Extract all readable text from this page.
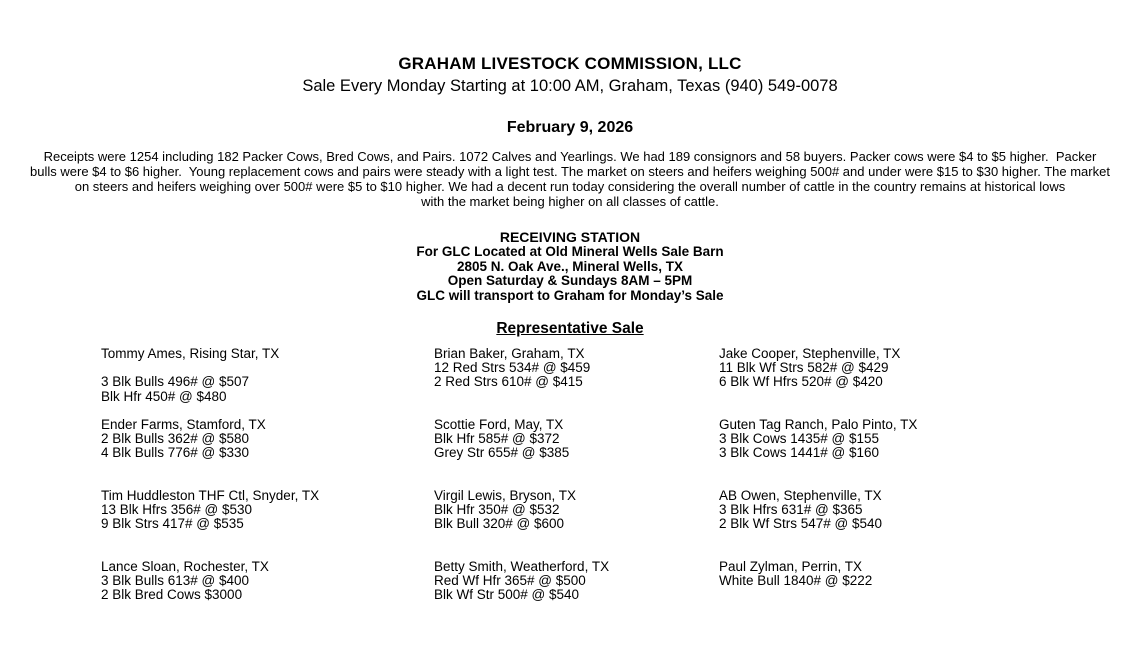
GRAHAM LIVESTOCK COMMISSION, LLC
Sale Every Monday Starting at 10:00 AM, Graham, Texas (940) 549-0078
February 9, 2026
Receipts were 1254 including 182 Packer Cows, Bred Cows, and Pairs. 1072 Calves and Yearlings. We had 189 consignors and 58 buyers. Packer cows were $4 to $5 higher.  Packer
bulls were $4 to $6 higher.  Young replacement cows and pairs were steady with a light test. The market on steers and heifers weighing 500# and under were $15 to $30 higher. The market
on steers and heifers weighing over 500# were $5 to $10 higher. We had a decent run today considering the overall number of cattle in the country remains at historical lows
with the market being higher on all classes of cattle.
RECEIVING STATION
For GLC Located at Old Mineral Wells Sale Barn
2805 N. Oak Ave., Mineral Wells, TX
Open Saturday & Sundays 8AM – 5PM
GLC will transport to Graham for Monday’s Sale
Representative Sale
Tommy Ames, Rising Star, TX
3 Blk Bulls 496# @ $507
Blk Hfr 450# @ $480
Ender Farms, Stamford, TX
2 Blk Bulls 362# @ $580
4 Blk Bulls 776# @ $330
Tim Huddleston THF Ctl, Snyder, TX
13 Blk Hfrs 356# @ $530
9 Blk Strs 417# @ $535
Lance Sloan, Rochester, TX
3 Blk Bulls 613# @ $400
2 Blk Bred Cows $3000
Brian Baker, Graham, TX
12 Red Strs 534# @ $459
2 Red Strs 610# @ $415
Scottie Ford, May, TX
Blk Hfr 585# @ $372
Grey Str 655# @ $385
Virgil Lewis, Bryson, TX
Blk Hfr 350# @ $532
Blk Bull 320# @ $600
Betty Smith, Weatherford, TX
Red Wf Hfr 365# @ $500
Blk Wf Str 500# @ $540
Jake Cooper, Stephenville, TX
11 Blk Wf Strs 582# @ $429
6 Blk Wf Hfrs 520# @ $420
Guten Tag Ranch, Palo Pinto, TX
3 Blk Cows 1435# @ $155
3 Blk Cows 1441# @ $160
AB Owen, Stephenville, TX
3 Blk Hfrs 631# @ $365
2 Blk Wf Strs 547# @ $540
Paul Zylman, Perrin, TX
White Bull 1840# @ $222
